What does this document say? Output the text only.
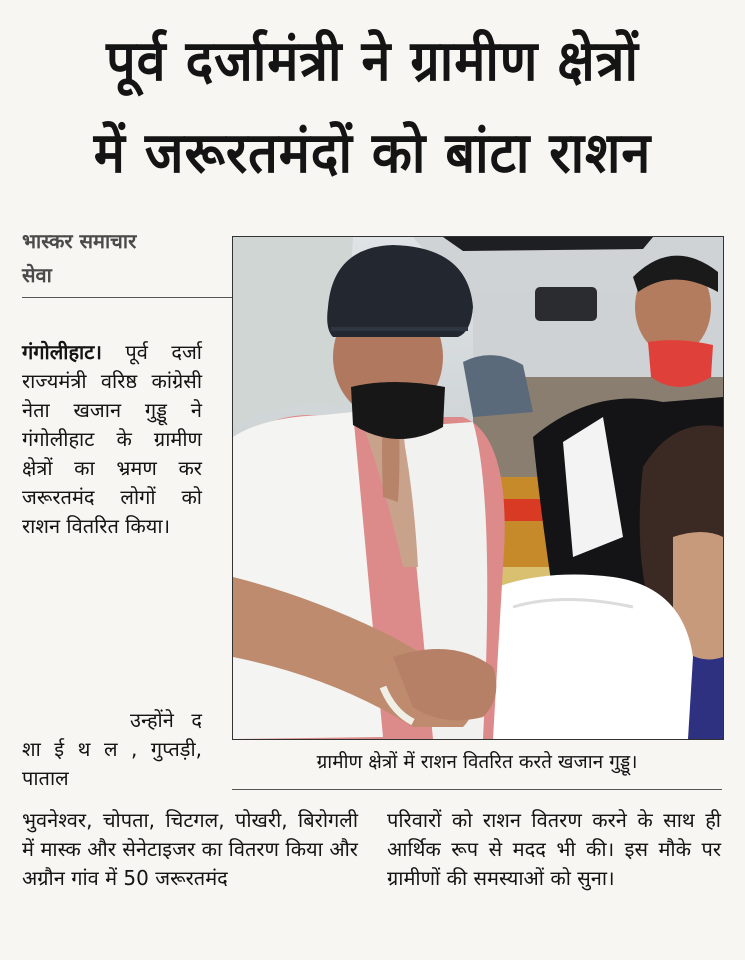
पूर्व दर्जामंत्री ने ग्रामीण क्षेत्रों
में जरूरतमंदों को बांटा राशन
भास्कर समाचार
सेवा
गंगोलीहाट। पूर्व दर्जा राज्यमंत्री वरिष्ठ कांग्रेसी नेता खजान गुड्डू ने गंगोलीहाट के ग्रामीण क्षेत्रों का भ्रमण कर जरूरतमंद लोगों को राशन वितरित किया।
उन्होंने द शा ई थ ल , गुप्तड़ी, पाताल
ग्रामीण क्षेत्रों में राशन वितरित करते खजान गुड्डू।
भुवनेश्वर, चोपता, चिटगल, पोखरी, बिरोगली में मास्क और सेनेटाइजर का वितरण किया और अग्रौन गांव में 50 जरूरतमंद
परिवारों को राशन वितरण करने के साथ ही आर्थिक रूप से मदद भी की। इस मौके पर ग्रामीणों की समस्याओं को सुना।
